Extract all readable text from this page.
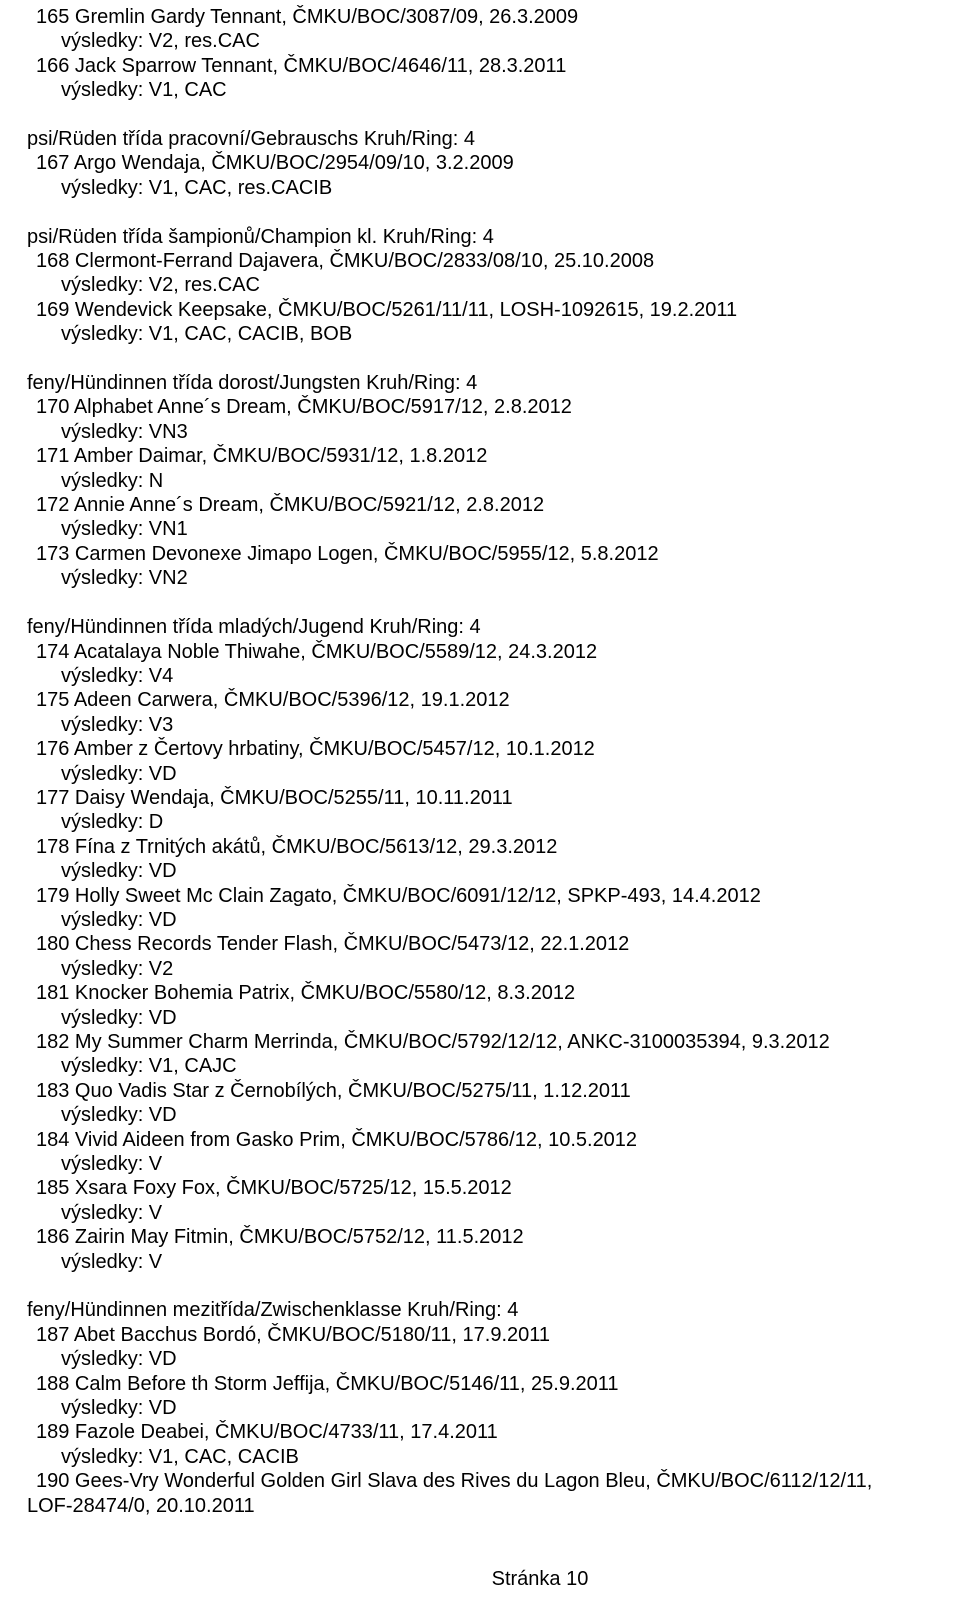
165 Gremlin Gardy Tennant, ČMKU/BOC/3087/09, 26.3.2009
výsledky: V2, res.CAC
166 Jack Sparrow Tennant, ČMKU/BOC/4646/11, 28.3.2011
výsledky: V1, CAC
psi/Rüden třída pracovní/Gebrauschs Kruh/Ring: 4
167 Argo Wendaja, ČMKU/BOC/2954/09/10, 3.2.2009
výsledky: V1, CAC, res.CACIB
psi/Rüden třída šampionů/Champion kl. Kruh/Ring: 4
168 Clermont-Ferrand Dajavera, ČMKU/BOC/2833/08/10, 25.10.2008
výsledky: V2, res.CAC
169 Wendevick Keepsake, ČMKU/BOC/5261/11/11, LOSH-1092615, 19.2.2011
výsledky: V1, CAC, CACIB, BOB
feny/Hündinnen třída dorost/Jungsten Kruh/Ring: 4
170 Alphabet Anne´s Dream, ČMKU/BOC/5917/12, 2.8.2012
výsledky: VN3
171 Amber Daimar, ČMKU/BOC/5931/12, 1.8.2012
výsledky: N
172 Annie Anne´s Dream, ČMKU/BOC/5921/12, 2.8.2012
výsledky: VN1
173 Carmen Devonexe Jimapo Logen, ČMKU/BOC/5955/12, 5.8.2012
výsledky: VN2
feny/Hündinnen třída mladých/Jugend Kruh/Ring: 4
174 Acatalaya Noble Thiwahe, ČMKU/BOC/5589/12, 24.3.2012
výsledky: V4
175 Adeen Carwera, ČMKU/BOC/5396/12, 19.1.2012
výsledky: V3
176 Amber z Čertovy hrbatiny, ČMKU/BOC/5457/12, 10.1.2012
výsledky: VD
177 Daisy Wendaja, ČMKU/BOC/5255/11, 10.11.2011
výsledky: D
178 Fína z Trnitých akátů, ČMKU/BOC/5613/12, 29.3.2012
výsledky: VD
179 Holly Sweet Mc Clain Zagato, ČMKU/BOC/6091/12/12, SPKP-493, 14.4.2012
výsledky: VD
180 Chess Records Tender Flash, ČMKU/BOC/5473/12, 22.1.2012
výsledky: V2
181 Knocker Bohemia Patrix, ČMKU/BOC/5580/12, 8.3.2012
výsledky: VD
182 My Summer Charm Merrinda, ČMKU/BOC/5792/12/12, ANKC-3100035394, 9.3.2012
výsledky: V1, CAJC
183 Quo Vadis Star z Černobílých, ČMKU/BOC/5275/11, 1.12.2011
výsledky: VD
184 Vivid Aideen from Gasko Prim, ČMKU/BOC/5786/12, 10.5.2012
výsledky: V
185 Xsara Foxy Fox, ČMKU/BOC/5725/12, 15.5.2012
výsledky: V
186 Zairin May Fitmin, ČMKU/BOC/5752/12, 11.5.2012
výsledky: V
feny/Hündinnen mezitřída/Zwischenklasse Kruh/Ring: 4
187 Abet Bacchus Bordó, ČMKU/BOC/5180/11, 17.9.2011
výsledky: VD
188 Calm Before th Storm Jeffija, ČMKU/BOC/5146/11, 25.9.2011
výsledky: VD
189 Fazole Deabei, ČMKU/BOC/4733/11, 17.4.2011
výsledky: V1, CAC, CACIB
190 Gees-Vry Wonderful Golden Girl Slava des Rives du Lagon Bleu, ČMKU/BOC/6112/12/11,
LOF-28474/0, 20.10.2011
Stránka 10
